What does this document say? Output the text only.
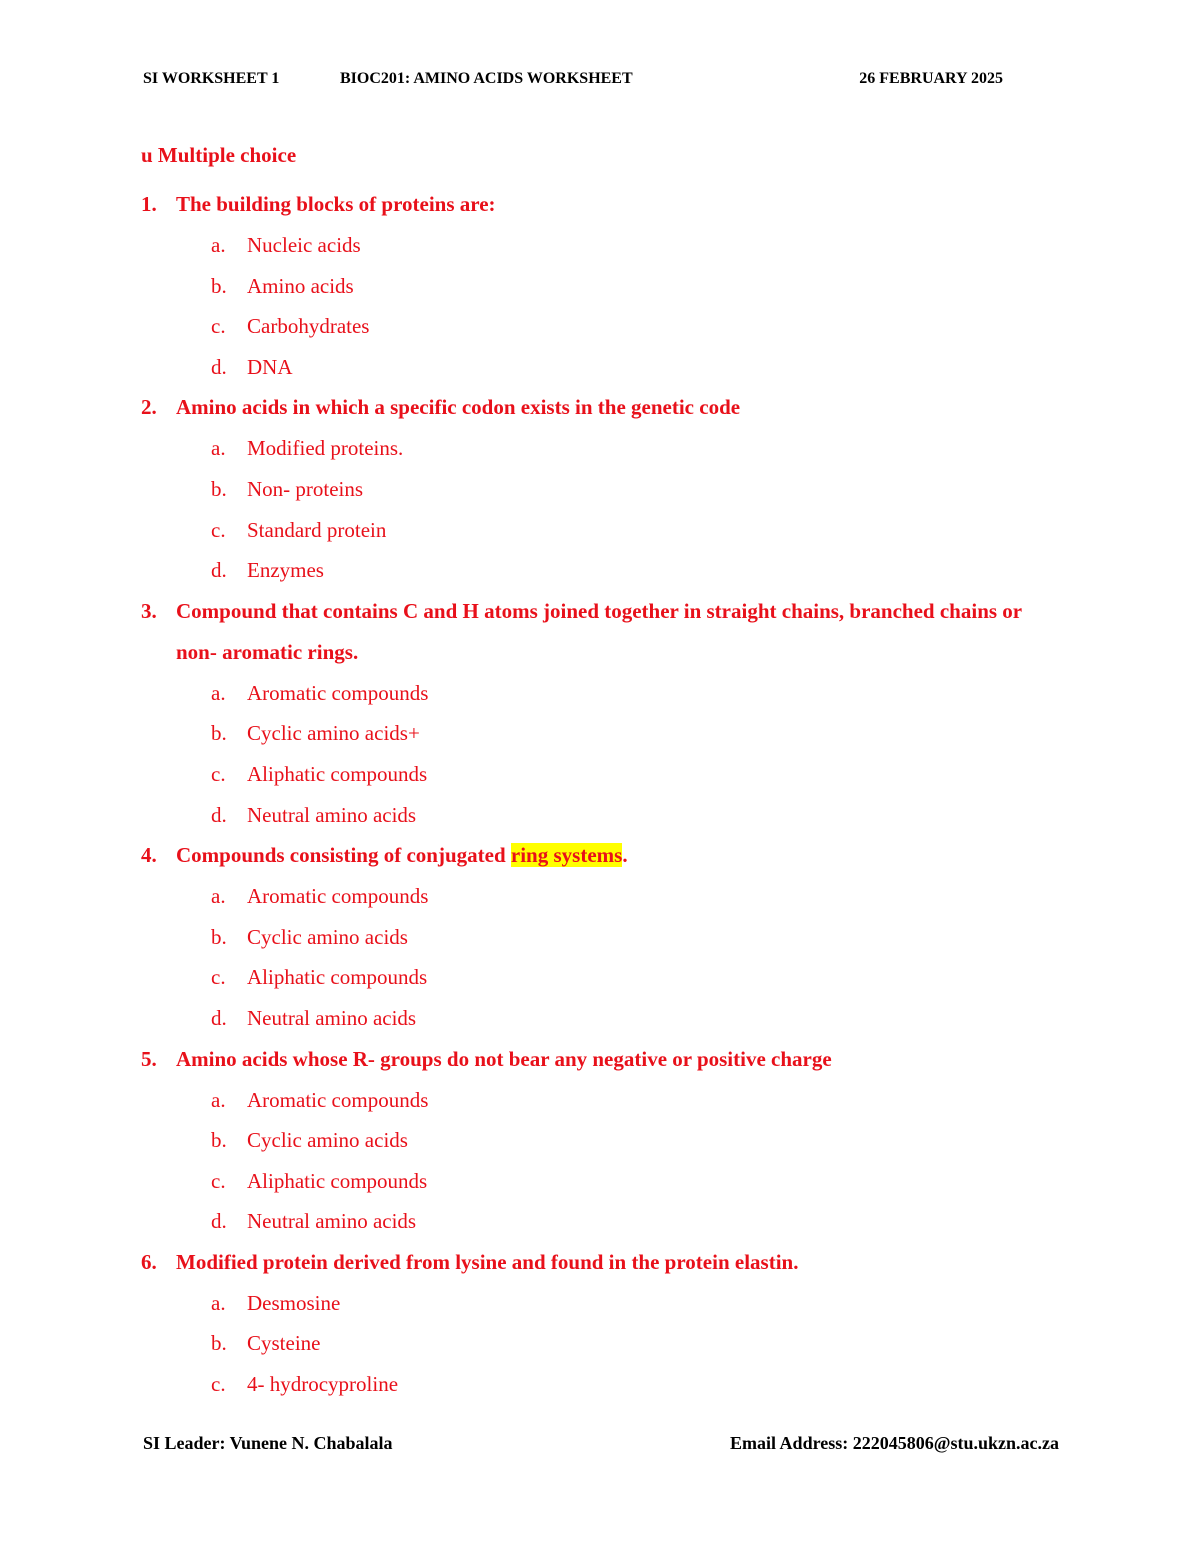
SI WORKSHEET 1	BIOC201: AMINO ACIDS WORKSHEET	26 FEBRUARY 2025
u Multiple choice
1. The building blocks of proteins are:
a. Nucleic acids
b. Amino acids
c. Carbohydrates
d. DNA
2. Amino acids in which a specific codon exists in the genetic code
a. Modified proteins.
b. Non- proteins
c. Standard protein
d. Enzymes
3. Compound that contains C and H atoms joined together in straight chains, branched chains or non- aromatic rings.
a. Aromatic compounds
b. Cyclic amino acids+
c. Aliphatic compounds
d. Neutral amino acids
4. Compounds consisting of conjugated ring systems.
a. Aromatic compounds
b. Cyclic amino acids
c. Aliphatic compounds
d. Neutral amino acids
5. Amino acids whose R- groups do not bear any negative or positive charge
a. Aromatic compounds
b. Cyclic amino acids
c. Aliphatic compounds
d. Neutral amino acids
6. Modified protein derived from lysine and found in the protein elastin.
a. Desmosine
b. Cysteine
c. 4- hydrocyproline
SI Leader: Vunene N. Chabalala	Email Address: 222045806@stu.ukzn.ac.za
